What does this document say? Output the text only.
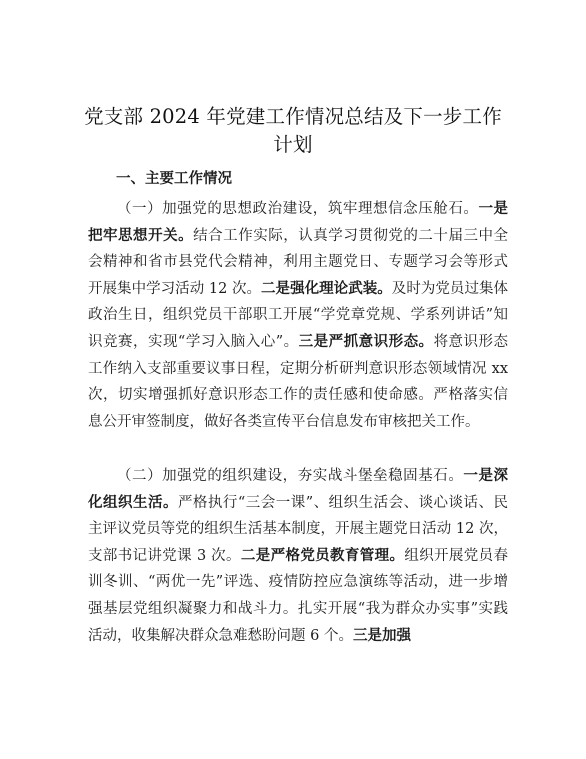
党支部 2024 年党建工作情况总结及下一步工作
计划
一、主要工作情况

（一）加强党的思想政治建设，筑牢理想信念压舱石。一是把牢思想开关。结合工作实际，认真学习贯彻党的二十届三中全会精神和省市县党代会精神，利用主题党日、专题学习会等形式开展集中学习活动 12 次。二是强化理论武装。及时为党员过集体政治生日，组织党员干部职工开展“学党章党规、学系列讲话”知识竞赛，实现“学习入脑入心”。三是严抓意识形态。将意识形态工作纳入支部重要议事日程，定期分析研判意识形态领域情况 xx 次，切实增强抓好意识形态工作的责任感和使命感。严格落实信息公开审签制度，做好各类宣传平台信息发布审核把关工作。

（二）加强党的组织建设，夯实战斗堡垒稳固基石。一是深化组织生活。严格执行“三会一课”、组织生活会、谈心谈话、民主评议党员等党的组织生活基本制度，开展主题党日活动 12 次，支部书记讲党课 3 次。二是严格党员教育管理。组织开展党员春训冬训、“两优一先”评选、疫情防控应急演练等活动，进一步增强基层党组织凝聚力和战斗力。扎实开展“我为群众办实事”实践活动，收集解决群众急难愁盼问题 6 个。三是加强
